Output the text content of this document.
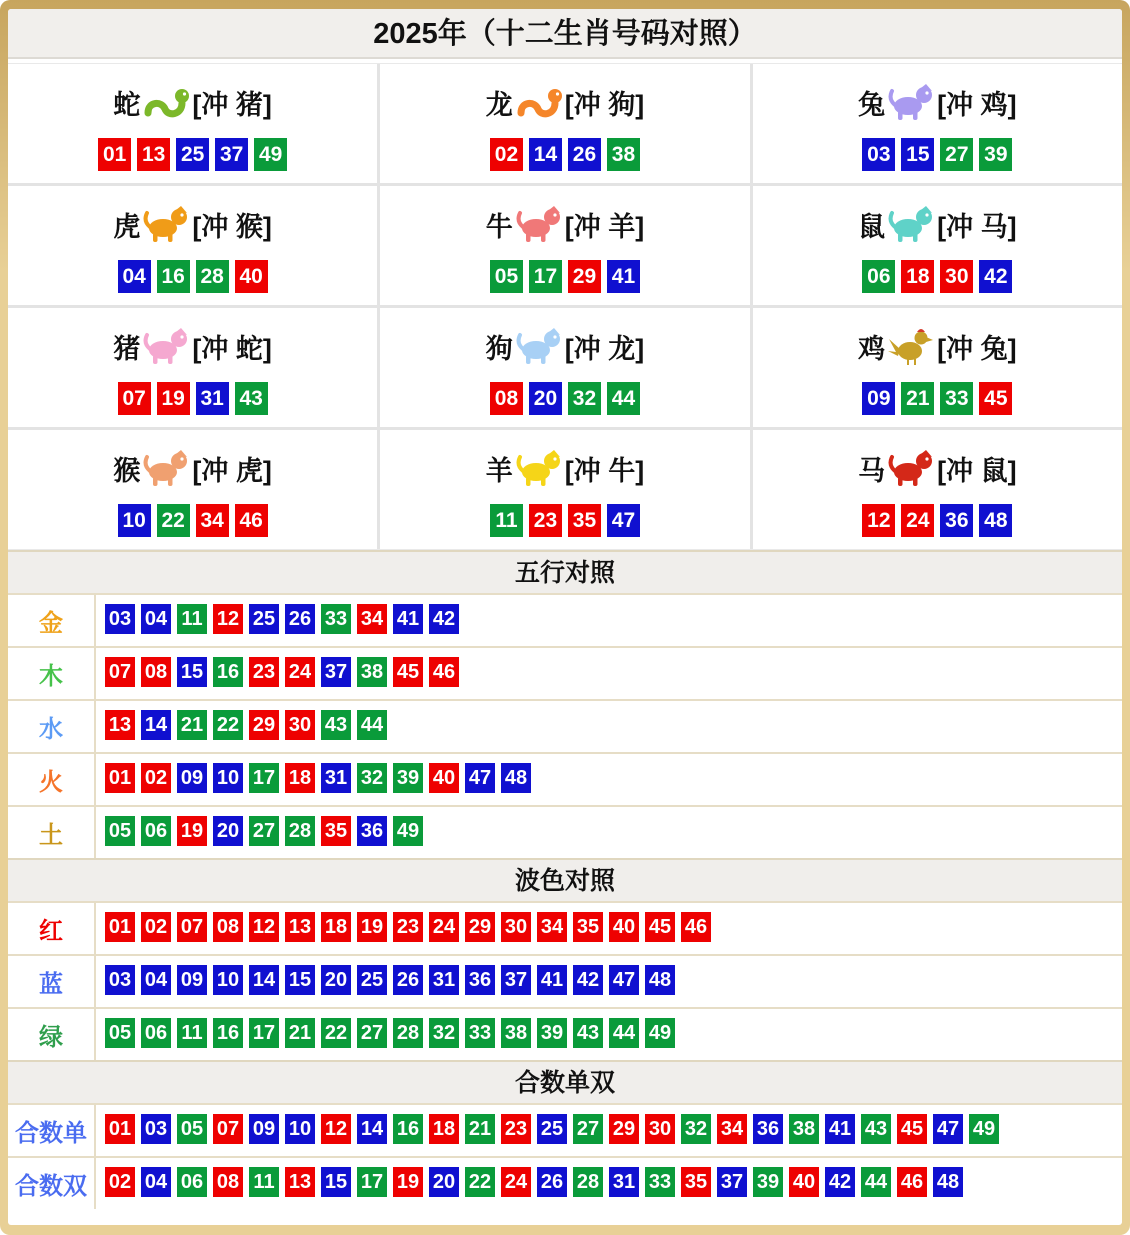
2025年（十二生肖号码对照）
蛇 [冲 猪]
01 13 25 37 49
龙 [冲 狗]
02 14 26 38
兔 [冲 鸡]
03 15 27 39
虎 [冲 猴]
04 16 28 40
牛 [冲 羊]
05 17 29 41
鼠 [冲 马]
06 18 30 42
猪 [冲 蛇]
07 19 31 43
狗 [冲 龙]
08 20 32 44
鸡 [冲 兔]
09 21 33 45
猴 [冲 虎]
10 22 34 46
羊 [冲 牛]
11 23 35 47
马 [冲 鼠]
12 24 36 48
五行对照
金	03 04 11 12 25 26 33 34 41 42
木	07 08 15 16 23 24 37 38 45 46
水	13 14 21 22 29 30 43 44
火	01 02 09 10 17 18 31 32 39 40 47 48
土	05 06 19 20 27 28 35 36 49
波色对照
红	01 02 07 08 12 13 18 19 23 24 29 30 34 35 40 45 46
蓝	03 04 09 10 14 15 20 25 26 31 36 37 41 42 47 48
绿	05 06 11 16 17 21 22 27 28 32 33 38 39 43 44 49
合数单双
合数单	01 03 05 07 09 10 12 14 16 18 21 23 25 27 29 30 32 34 36 38 41 43 45 47 49
合数双	02 04 06 08 11 13 15 17 19 20 22 24 26 28 31 33 35 37 39 40 42 44 46 48
